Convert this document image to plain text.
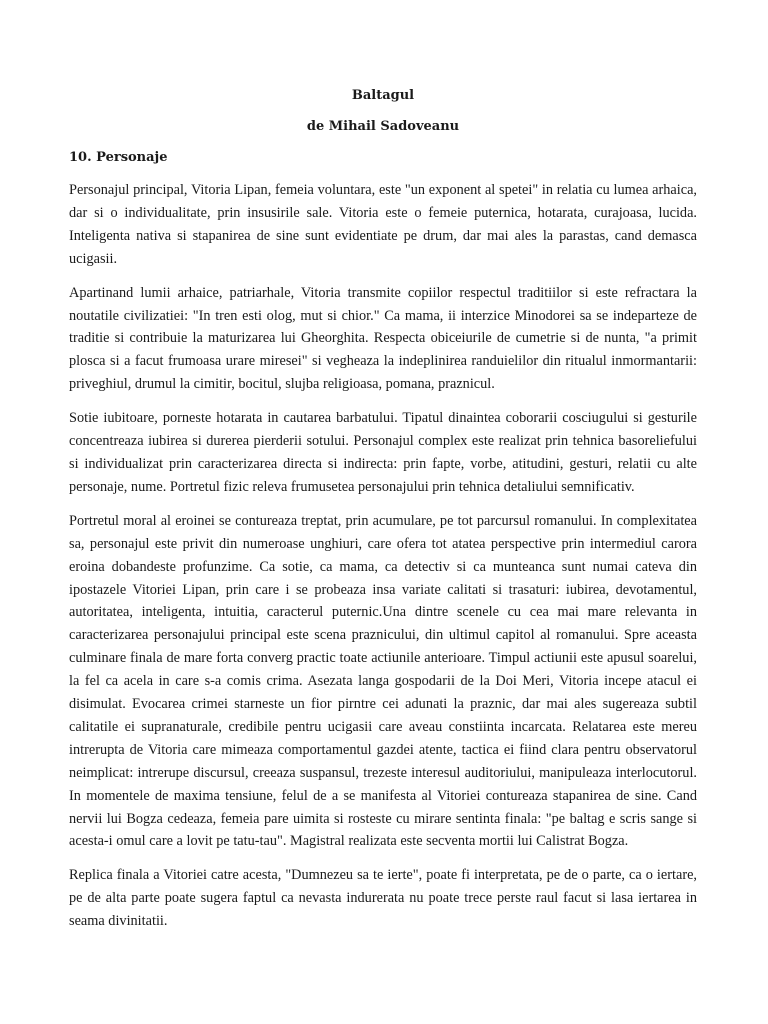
Baltagul
de Mihail Sadoveanu
10. Personaje

Personajul principal, Vitoria Lipan, femeia voluntara, este "un exponent al spetei" in relatia cu lumea arhaica, dar si o individualitate, prin insusirile sale. Vitoria este o femeie puternica, hotarata, curajoasa, lucida. Inteligenta nativa si stapanirea de sine sunt evidentiate pe drum, dar mai ales la parastas, cand demasca ucigasii.

Apartinand lumii arhaice, patriarhale, Vitoria transmite copiilor respectul traditiilor si este refractara la noutatile civilizatiei: "In tren esti olog, mut si chior." Ca mama, ii interzice Minodorei sa se indeparteze de traditie si contribuie la maturizarea lui Gheorghita. Respecta obiceiurile de cumetrie si de nunta, "a primit plosca si a facut frumoasa urare miresei" si vegheaza la indeplinirea randuielilor din ritualul inmormantarii: priveghiul, drumul la cimitir, bocitul, slujba religioasa, pomana, praznicul.

Sotie iubitoare, porneste hotarata in cautarea barbatului. Tipatul dinaintea coborarii cosciugului si gesturile concentreaza iubirea si durerea pierderii sotului. Personajul complex este realizat prin tehnica basoreliefului si individualizat prin caracterizarea directa si indirecta: prin fapte, vorbe, atitudini, gesturi, relatii cu alte personaje, nume. Portretul fizic releva frumusetea personajului prin tehnica detaliului semnificativ.

Portretul moral al eroinei se contureaza treptat, prin acumulare, pe tot parcursul romanului. In complexitatea sa, personajul este privit din numeroase unghiuri, care ofera tot atatea perspective prin intermediul carora eroina dobandeste profunzime. Ca sotie, ca mama, ca detectiv si ca munteanca sunt numai cateva din ipostazele Vitoriei Lipan, prin care i se probeaza insa variate calitati si trasaturi: iubirea, devotamentul, autoritatea, inteligenta, intuitia, caracterul puternic.Una dintre scenele cu cea mai mare relevanta in caracterizarea personajului principal este scena praznicului, din ultimul capitol al romanului. Spre aceasta culminare finala de mare forta converg practic toate actiunile anterioare. Timpul actiunii este apusul soarelui, la fel ca acela in care s-a comis crima. Asezata langa gospodarii de la Doi Meri, Vitoria incepe atacul ei disimulat. Evocarea crimei starneste un fior pirntre cei adunati la praznic, dar mai ales sugereaza subtil calitatile ei supranaturale, credibile pentru ucigasii care aveau constiinta incarcata. Relatarea este mereu intrerupta de Vitoria care mimeaza comportamentul gazdei atente, tactica ei fiind clara pentru observatorul neimplicat: intrerupe discursul, creeaza suspansul, trezeste interesul auditoriului, manipuleaza interlocutorul. In momentele de maxima tensiune, felul de a se manifesta al Vitoriei contureaza stapanirea de sine. Cand nervii lui Bogza cedeaza, femeia pare uimita si rosteste cu mirare sentinta finala: "pe baltag e scris sange si acesta-i omul care a lovit pe tatu-tau". Magistral realizata este secventa mortii lui Calistrat Bogza.

Replica finala a Vitoriei catre acesta, "Dumnezeu sa te ierte", poate fi interpretata, pe de o parte, ca o iertare, pe de alta parte poate sugera faptul ca nevasta indurerata nu poate trece perste raul facut si lasa iertarea in seama divinitatii.
